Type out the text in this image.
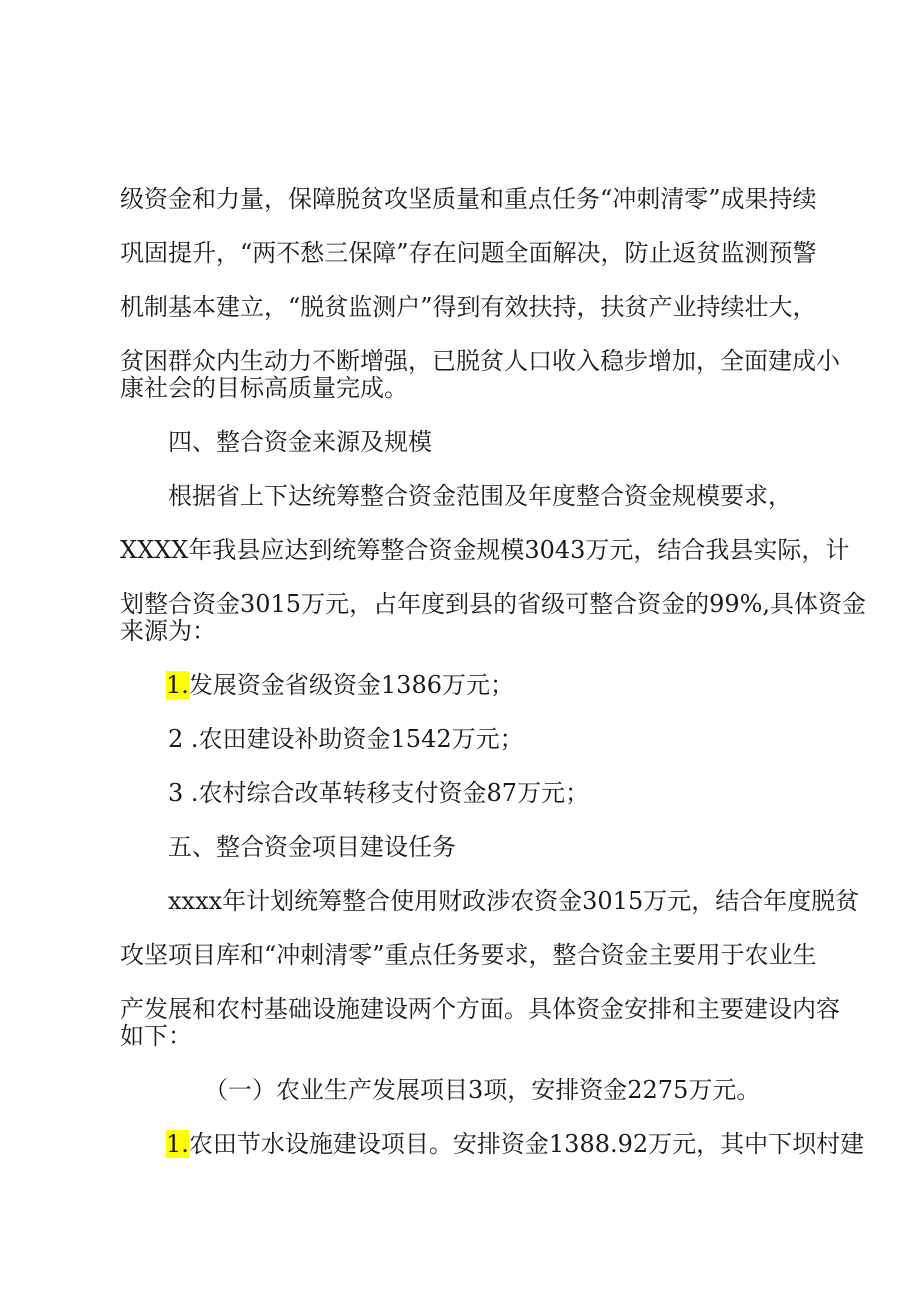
级资金和力量，保障脱贫攻坚质量和重点任务“冲刺清零”成果持续
巩固提升，“两不愁三保障”存在问题全面解决，防止返贫监测预警
机制基本建立，“脱贫监测户”得到有效扶持，扶贫产业持续壮大，
贫困群众内生动力不断增强，已脱贫人口收入稳步增加，全面建成小
康社会的目标高质量完成。
四、整合资金来源及规模
根据省上下达统筹整合资金范围及年度整合资金规模要求，
XXXX年我县应达到统筹整合资金规模3043万元，结合我县实际，计
划整合资金3015万元，占年度到县的省级可整合资金的99%,具体资金
来源为：
1.发展资金省级资金1386万元；
2 .农田建设补助资金1542万元；
3 .农村综合改革转移支付资金87万元；
五、整合资金项目建设任务
xxxx年计划统筹整合使用财政涉农资金3015万元，结合年度脱贫
攻坚项目库和“冲刺清零”重点任务要求，整合资金主要用于农业生
产发展和农村基础设施建设两个方面。具体资金安排和主要建设内容
如下：
（一）农业生产发展项目3项，安排资金2275万元。
1.农田节水设施建设项目。安排资金1388.92万元，其中下坝村建
